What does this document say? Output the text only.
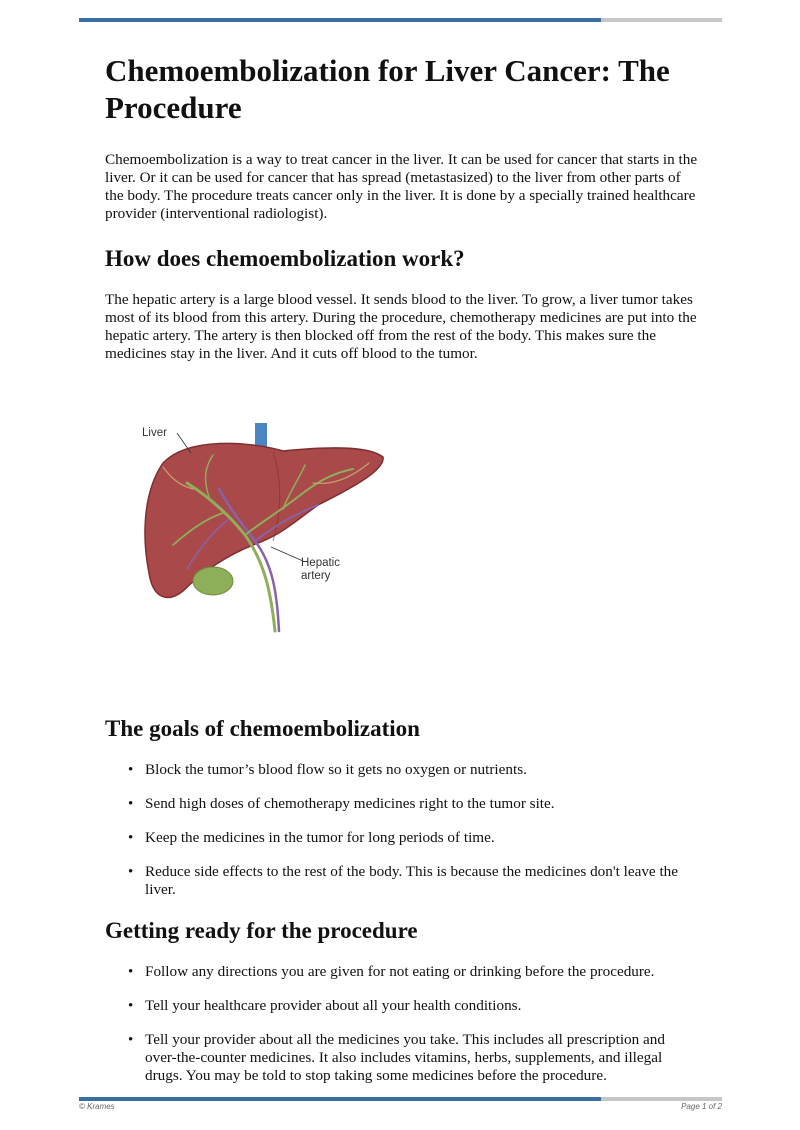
Chemoembolization for Liver Cancer: The Procedure

Chemoembolization is a way to treat cancer in the liver. It can be used for cancer that starts in the liver. Or it can be used for cancer that has spread (metastasized) to the liver from other parts of the body. The procedure treats cancer only in the liver. It is done by a specially trained healthcare provider (interventional radiologist).

How does chemoembolization work?

The hepatic artery is a large blood vessel. It sends blood to the liver. To grow, a liver tumor takes most of its blood from this artery. During the procedure, chemotherapy medicines are put into the hepatic artery. The artery is then blocked off from the rest of the body. This makes sure the medicines stay in the liver. And it cuts off blood to the tumor.

Liver
Hepatic artery
The goals of chemoembolization
• Block the tumor’s blood flow so it gets no oxygen or nutrients.
• Send high doses of chemotherapy medicines right to the tumor site.
• Keep the medicines in the tumor for long periods of time.
• Reduce side effects to the rest of the body. This is because the medicines don't leave the liver.
Getting ready for the procedure
• Follow any directions you are given for not eating or drinking before the procedure.
• Tell your healthcare provider about all your health conditions.
• Tell your provider about all the medicines you take. This includes all prescription and over-the-counter medicines. It also includes vitamins, herbs, supplements, and illegal drugs. You may be told to stop taking some medicines before the procedure.
© Krames	Page 1 of 2
